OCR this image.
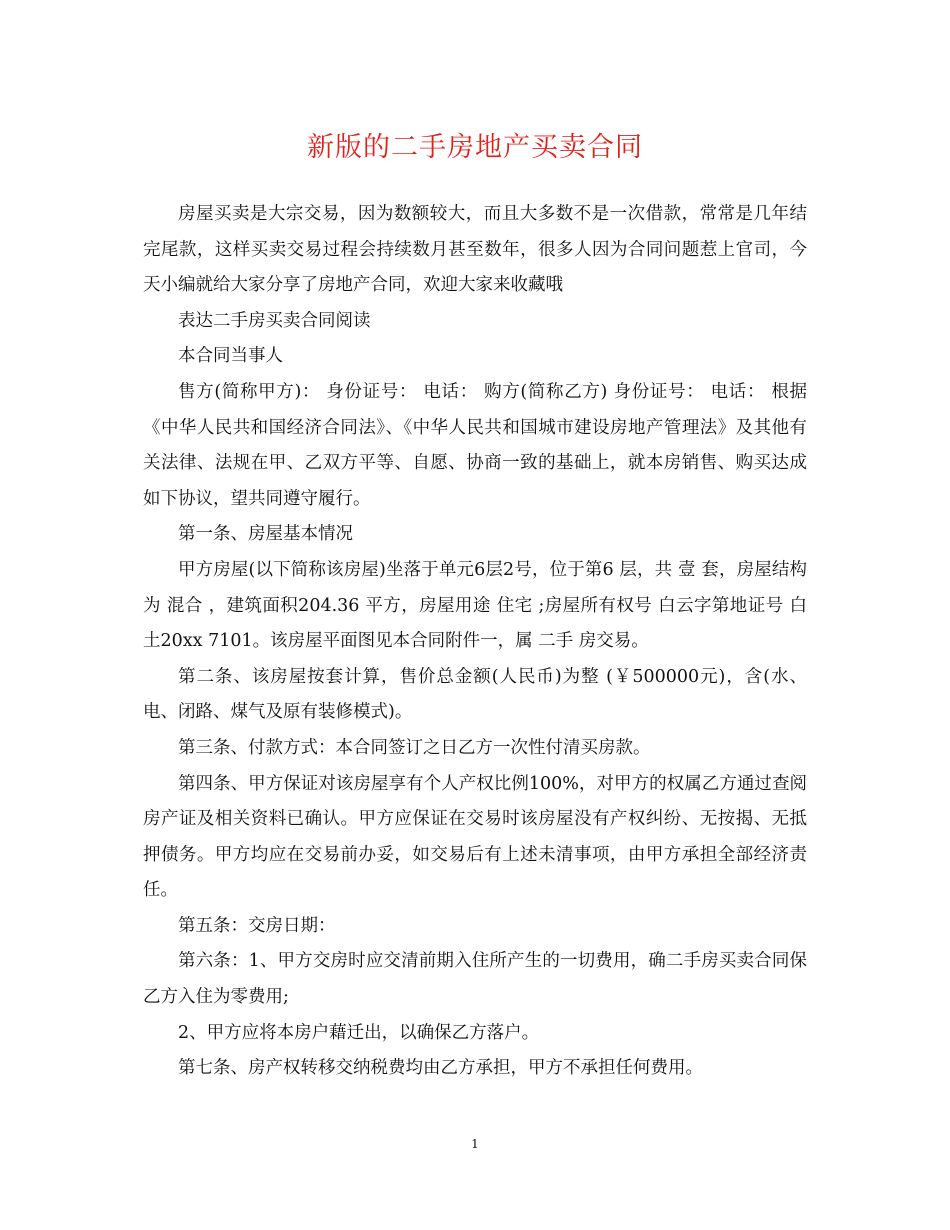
新版的二手房地产买卖合同

房屋买卖是大宗交易，因为数额较大，而且大多数不是一次借款，常常是几年结完尾款，这样买卖交易过程会持续数月甚至数年，很多人因为合同问题惹上官司，今天小编就给大家分享了房地产合同，欢迎大家来收藏哦

表达二手房买卖合同阅读

本合同当事人

售方(简称甲方)： 身份证号： 电话： 购方(简称乙方) 身份证号： 电话： 根据《中华人民共和国经济合同法》、《中华人民共和国城市建设房地产管理法》及其他有关法律、法规在甲、乙双方平等、自愿、协商一致的基础上，就本房销售、购买达成如下协议，望共同遵守履行。

第一条、房屋基本情况

甲方房屋(以下简称该房屋)坐落于单元6层2号，位于第6 层，共 壹 套，房屋结构为 混合 ，建筑面积204.36 平方，房屋用途 住宅 ;房屋所有权号 白云字第地证号 白土20xx 7101。该房屋平面图见本合同附件一，属 二手 房交易。

第二条、该房屋按套计算，售价总金额(人民币)为整 (￥500000元)，含(水、电、闭路、煤气及原有装修模式)。

第三条、付款方式：本合同签订之日乙方一次性付清买房款。

第四条、甲方保证对该房屋享有个人产权比例100%，对甲方的权属乙方通过查阅房产证及相关资料已确认。甲方应保证在交易时该房屋没有产权纠纷、无按揭、无抵押债务。甲方均应在交易前办妥，如交易后有上述未清事项，由甲方承担全部经济责任。

第五条：交房日期：

第六条：1、甲方交房时应交清前期入住所产生的一切费用，确二手房买卖合同保乙方入住为零费用;

2、甲方应将本房户藉迁出，以确保乙方落户。

第七条、房产权转移交纳税费均由乙方承担，甲方不承担任何费用。

1
